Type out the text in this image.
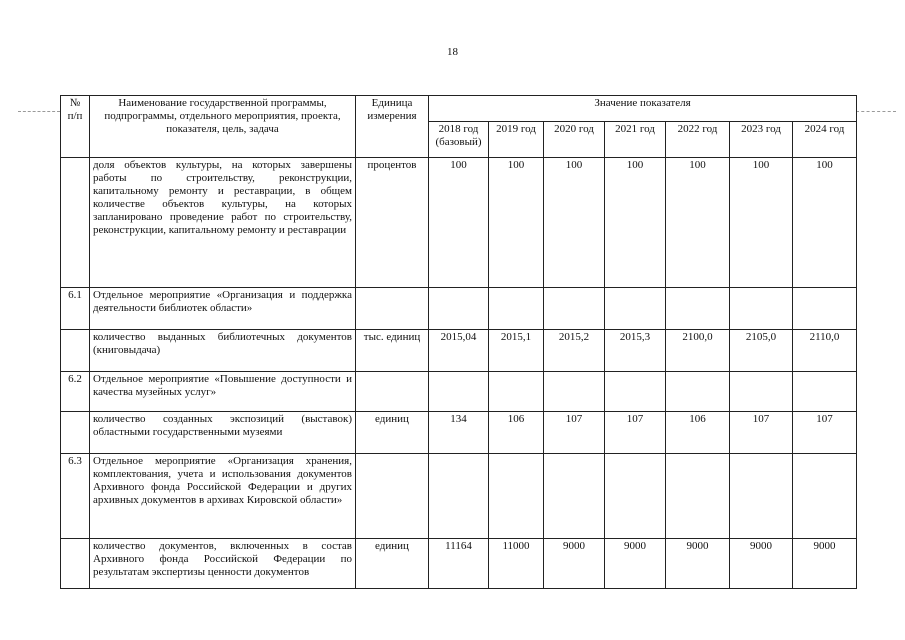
18
№ п/п	Наименование государственной программы, подпрограммы, отдельного мероприятия, проекта, показателя, цель, задача	Единица измерения	Значение показателя						
			2018 год (базовый)	2019 год	2020 год	2021 год	2022 год	2023 год	2024 год
	доля объектов культуры, на которых завершены работы по строительству, реконструкции, капитальному ремонту и реставрации, в общем количестве объектов культуры, на которых запланировано проведение работ по строительству, реконструкции, капитальному ремонту и реставрации	процентов	100	100	100	100	100	100	100
6.1	Отдельное мероприятие «Организация и поддержка деятельности библиотек области»								
	количество выданных библиотечных документов (книговыдача)	тыс. единиц	2015,04	2015,1	2015,2	2015,3	2100,0	2105,0	2110,0
6.2	Отдельное мероприятие «Повышение доступности и качества музейных услуг»								
	количество созданных экспозиций (выставок) областными государственными музеями	единиц	134	106	107	107	106	107	107
6.3	Отдельное мероприятие «Организация хранения, комплектования, учета и использования документов Архивного фонда Российской Федерации и других архивных документов в архивах Кировской области»								
	количество документов, включенных в состав Архивного фонда Российской Федерации по результатам экспертизы ценности документов	единиц	11164	11000	9000	9000	9000	9000	9000
